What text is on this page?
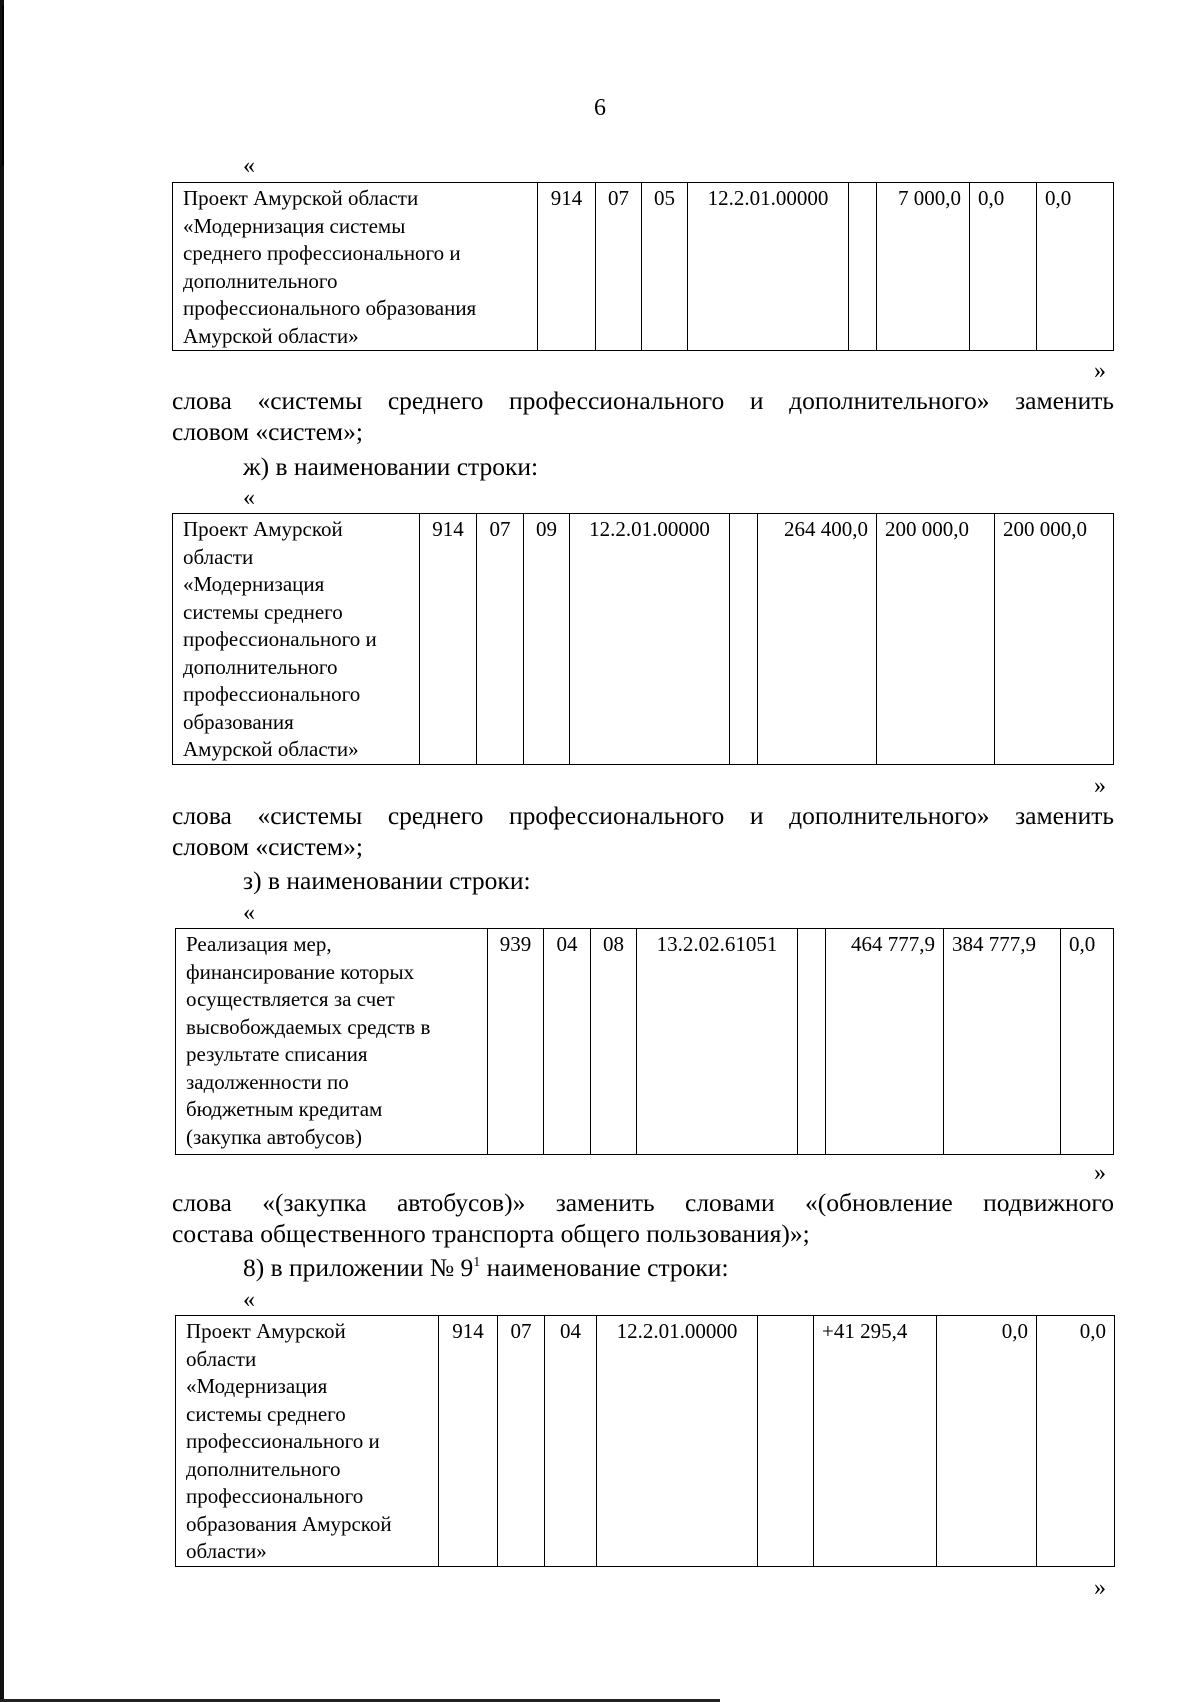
6
«
Проект Амурской области
«Модернизация системы
среднего профессионального и
дополнительного
профессионального образования
Амурской области»
	914	07	05	12.2.01.00000		7 000,0	0,0	0,0
»
слова «системы среднего профессионального и дополнительного» заменить
словом «систем»;
ж) в наименовании строки:
«
Проект Амурской
области
«Модернизация
системы среднего
профессионального и
дополнительного
профессионального
образования
Амурской области»
	914	07	09	12.2.01.00000		264 400,0	200 000,0	200 000,0
»
слова «системы среднего профессионального и дополнительного» заменить
словом «систем»;
з) в наименовании строки:
«
Реализация мер,
финансирование которых
осуществляется за счет
высвобождаемых средств в
результате списания
задолженности по
бюджетным кредитам
(закупка автобусов)
	939	04	08	13.2.02.61051		464 777,9	384 777,9	0,0
»
слова «(закупка автобусов)» заменить словами «(обновление подвижного
состава общественного транспорта общего пользования)»;
8) в приложении № $9^1$ наименование строки:
«
Проект Амурской
области
«Модернизация
системы среднего
профессионального и
дополнительного
профессионального
образования Амурской
области»
	914	07	04	12.2.01.00000		+41 295,4	0,0	0,0
»
